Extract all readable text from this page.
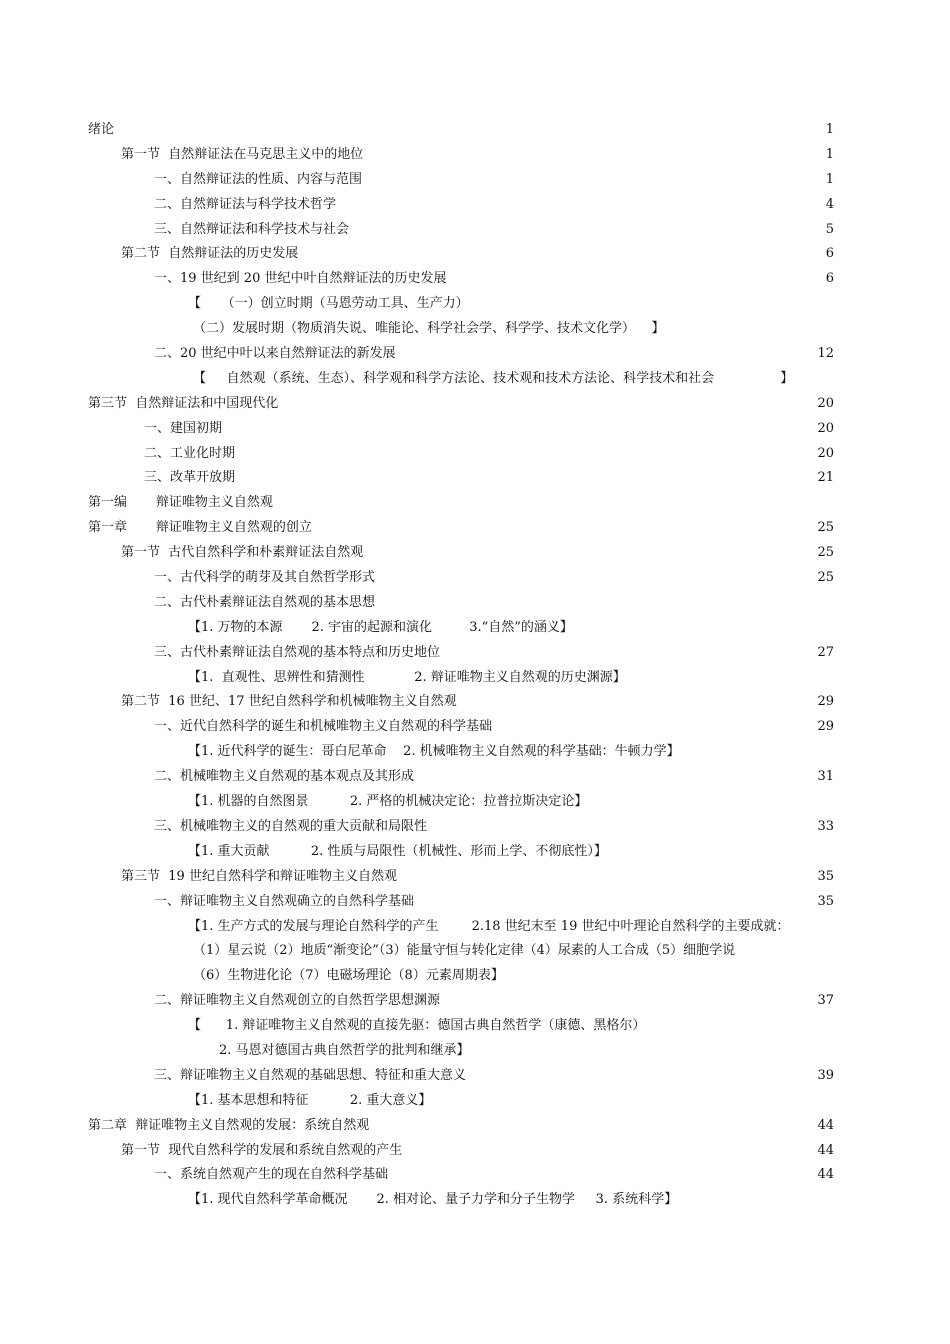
绪论	1
第一节  自然辩证法在马克思主义中的地位	1
一、自然辩证法的性质、内容与范围	1
二、自然辩证法与科学技术哲学	4
三、自然辩证法和科学技术与社会	5
第二节  自然辩证法的历史发展	6
一、19 世纪到 20 世纪中叶自然辩证法的历史发展	6
【     （一）创立时期（马恩劳动工具、生产力）
（二）发展时期（物质消失说、唯能论、科学社会学、科学学、技术文化学）    】
二、20 世纪中叶以来自然辩证法的新发展	12
【     自然观（系统、生态）、科学观和科学方法论、技术观和技术方法论、科学技术和社会                】
第三节  自然辩证法和中国现代化	20
一、建国初期	20
二、工业化时期	20
三、改革开放期	21
第一编       辩证唯物主义自然观
第一章       辩证唯物主义自然观的创立	25
第一节  古代自然科学和朴素辩证法自然观	25
一、古代科学的萌芽及其自然哲学形式	25
二、古代朴素辩证法自然观的基本思想
【1. 万物的本源       2. 宇宙的起源和演化         3.“自然”的涵义】
三、古代朴素辩证法自然观的基本特点和历史地位	27
【1.  直观性、思辨性和猜测性            2. 辩证唯物主义自然观的历史渊源】
第二节  16 世纪、17 世纪自然科学和机械唯物主义自然观	29
一、近代自然科学的诞生和机械唯物主义自然观的科学基础	29
【1. 近代科学的诞生：哥白尼革命    2. 机械唯物主义自然观的科学基础：牛顿力学】
二、机械唯物主义自然观的基本观点及其形成	31
【1. 机器的自然图景          2. 严格的机械决定论：拉普拉斯决定论】
三、机械唯物主义的自然观的重大贡献和局限性	33
【1. 重大贡献          2. 性质与局限性（机械性、形而上学、不彻底性）】
第三节  19 世纪自然科学和辩证唯物主义自然观	35
一、辩证唯物主义自然观确立的自然科学基础	35
【1. 生产方式的发展与理论自然科学的产生        2.18 世纪末至 19 世纪中叶理论自然科学的主要成就：
（1）星云说（2）地质“渐变论”（3）能量守恒与转化定律（4）尿素的人工合成（5）细胞学说
（6）生物进化论（7）电磁场理论（8）元素周期表】
二、辩证唯物主义自然观创立的自然哲学思想渊源	37
【      1. 辩证唯物主义自然观的直接先驱：德国古典自然哲学（康德、黑格尔）
2. 马恩对德国古典自然哲学的批判和继承】
三、辩证唯物主义自然观的基础思想、特征和重大意义	39
【1. 基本思想和特征          2. 重大意义】
第二章  辩证唯物主义自然观的发展：系统自然观	44
第一节  现代自然科学的发展和系统自然观的产生	44
一、系统自然观产生的现在自然科学基础	44
【1. 现代自然科学革命概况       2. 相对论、量子力学和分子生物学     3. 系统科学】
